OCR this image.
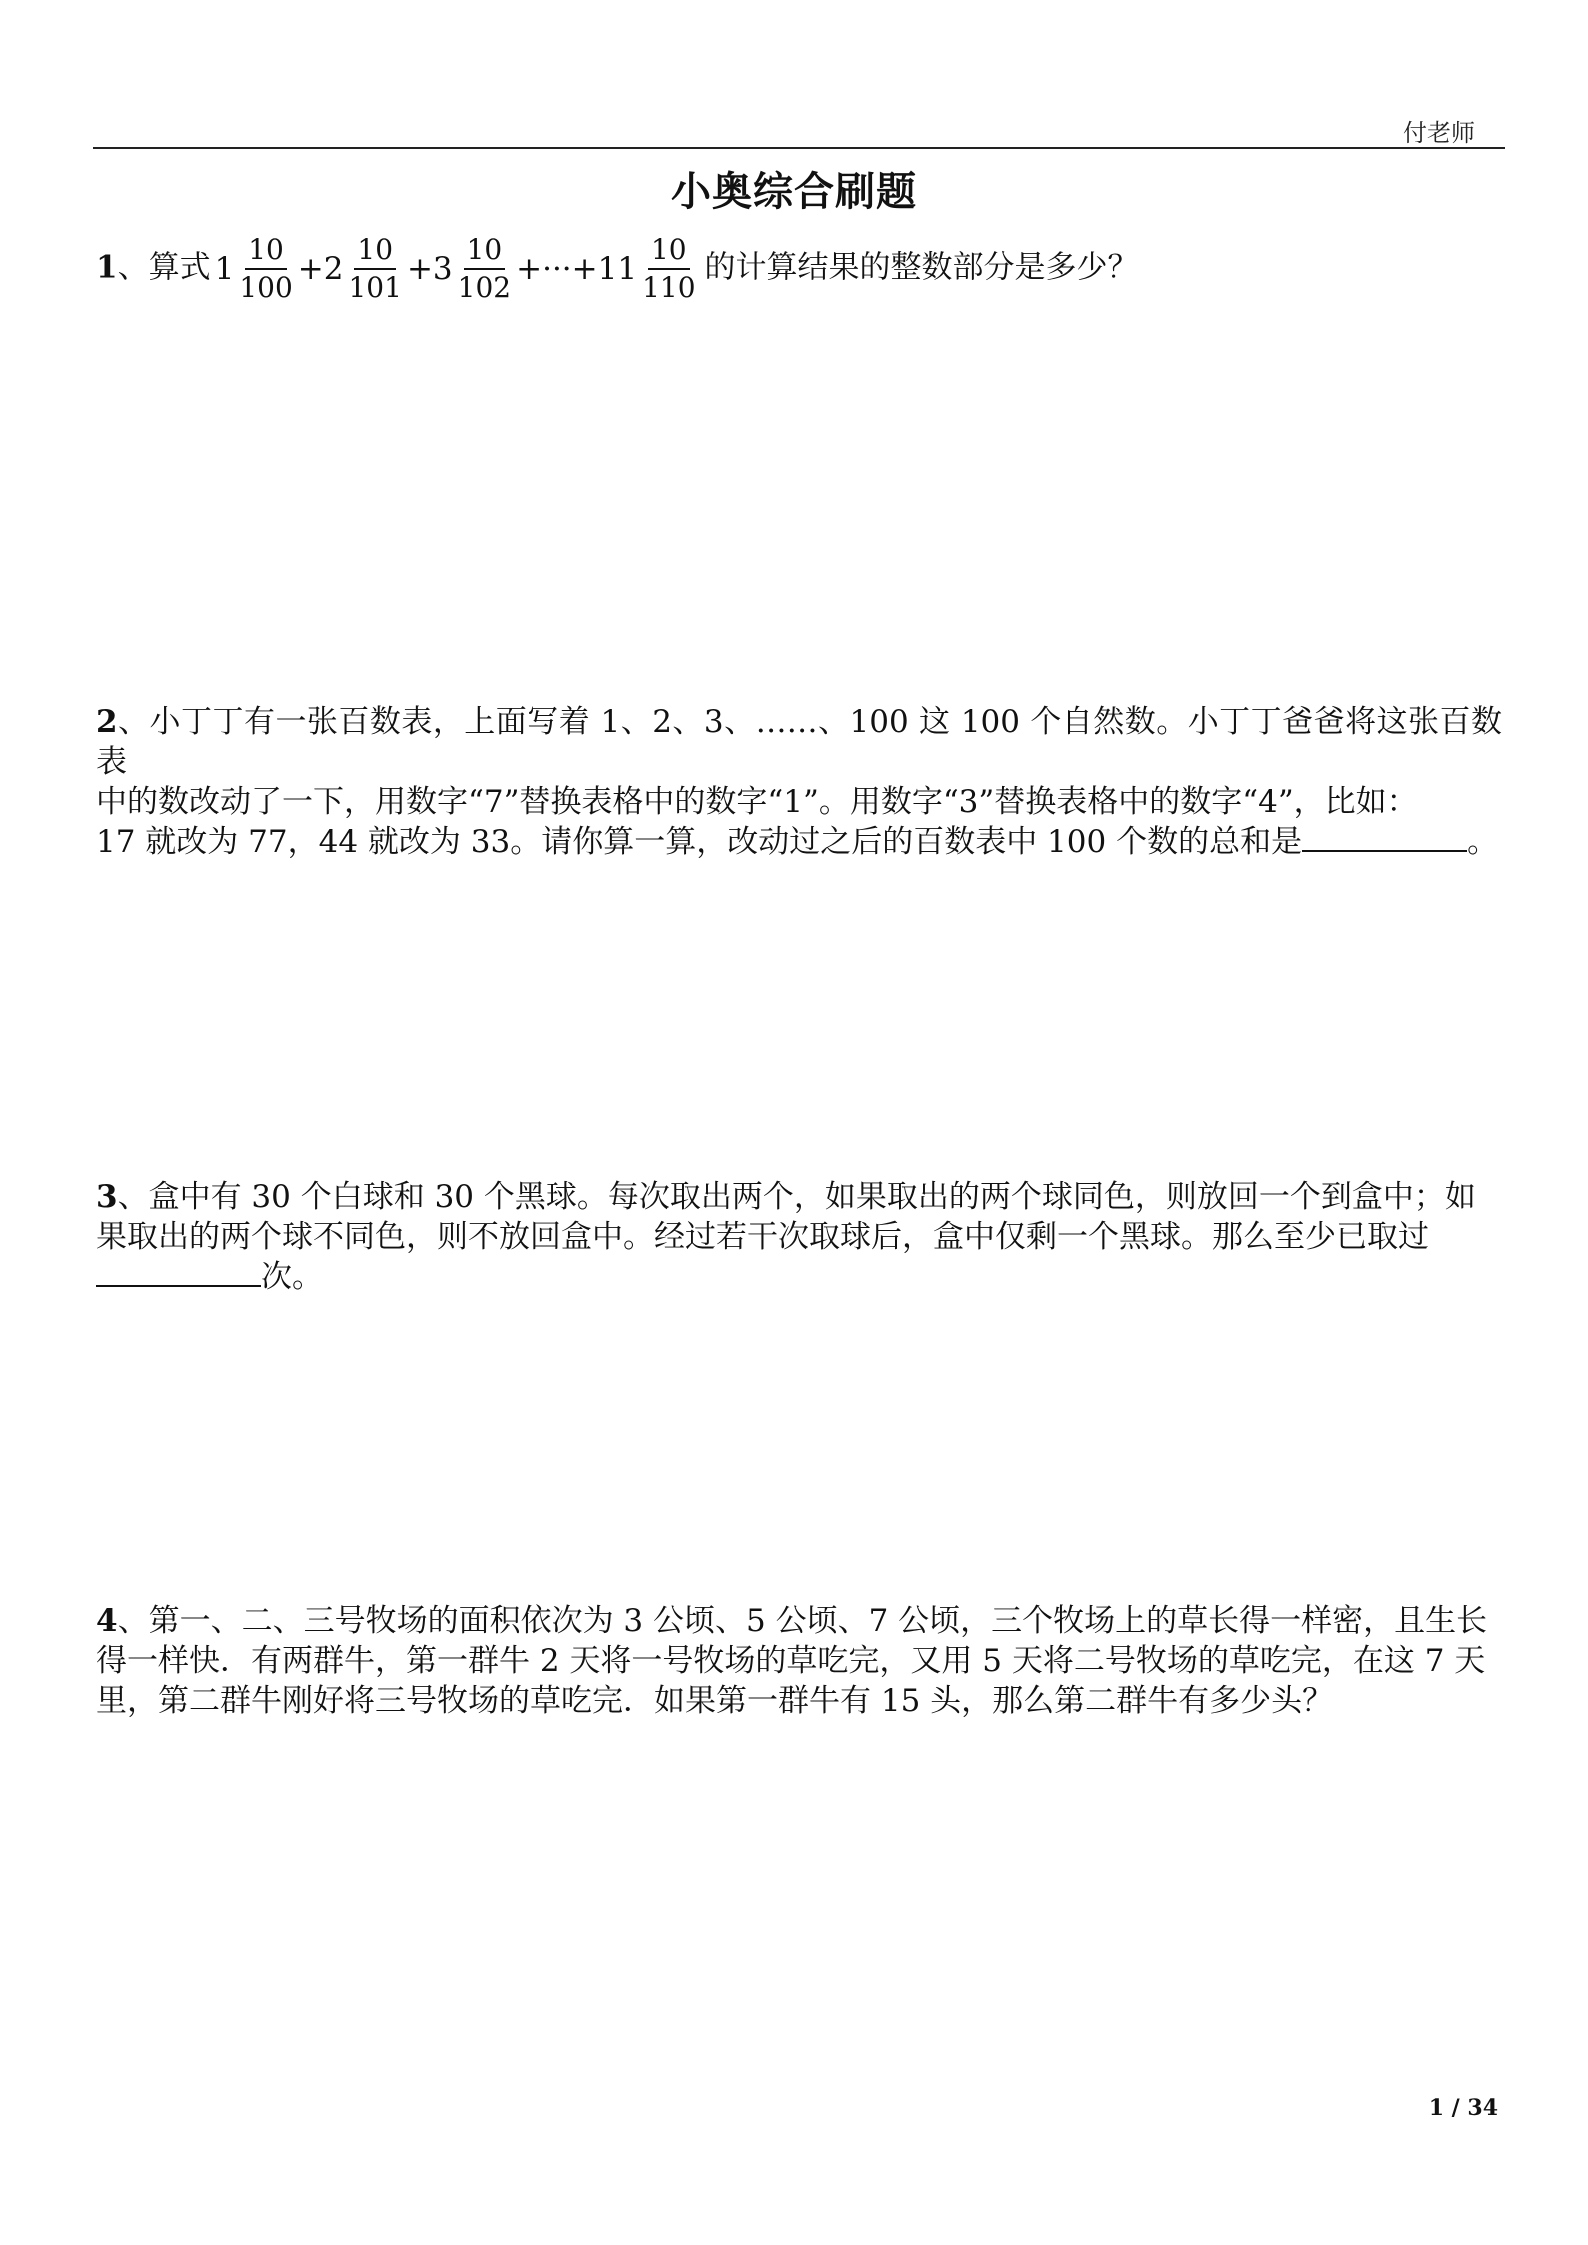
付老师
小奥综合刷题
1、算式 $1 \frac{10}{100} + 2 \frac{10}{101} + 3 \frac{10}{102}$ +···+ $11 \frac{10}{110}$ 的计算结果的整数部分是多少？
2、小丁丁有一张百数表，上面写着 1、2、3、……、100 这 100 个自然数。小丁丁爸爸将这张百数表
中的数改动了一下，用数字“7”替换表格中的数字“1”。用数字“3”替换表格中的数字“4”，比如：
17 就改为 77，44 就改为 33。请你算一算，改动过之后的百数表中 100 个数的总和是	。
3、盒中有 30 个白球和 30 个黑球。每次取出两个，如果取出的两个球同色，则放回一个到盒中；如
果取出的两个球不同色，则不放回盒中。经过若干次取球后，盒中仅剩一个黑球。那么至少已取过
次。
4、第一、二、三号牧场的面积依次为 3 公顷、5 公顷、7 公顷，三个牧场上的草长得一样密，且生长
得一样快．有两群牛，第一群牛 2 天将一号牧场的草吃完，又用 5 天将二号牧场的草吃完，在这 7 天
里，第二群牛刚好将三号牧场的草吃完．如果第一群牛有 15 头，那么第二群牛有多少头？
1 / 34
